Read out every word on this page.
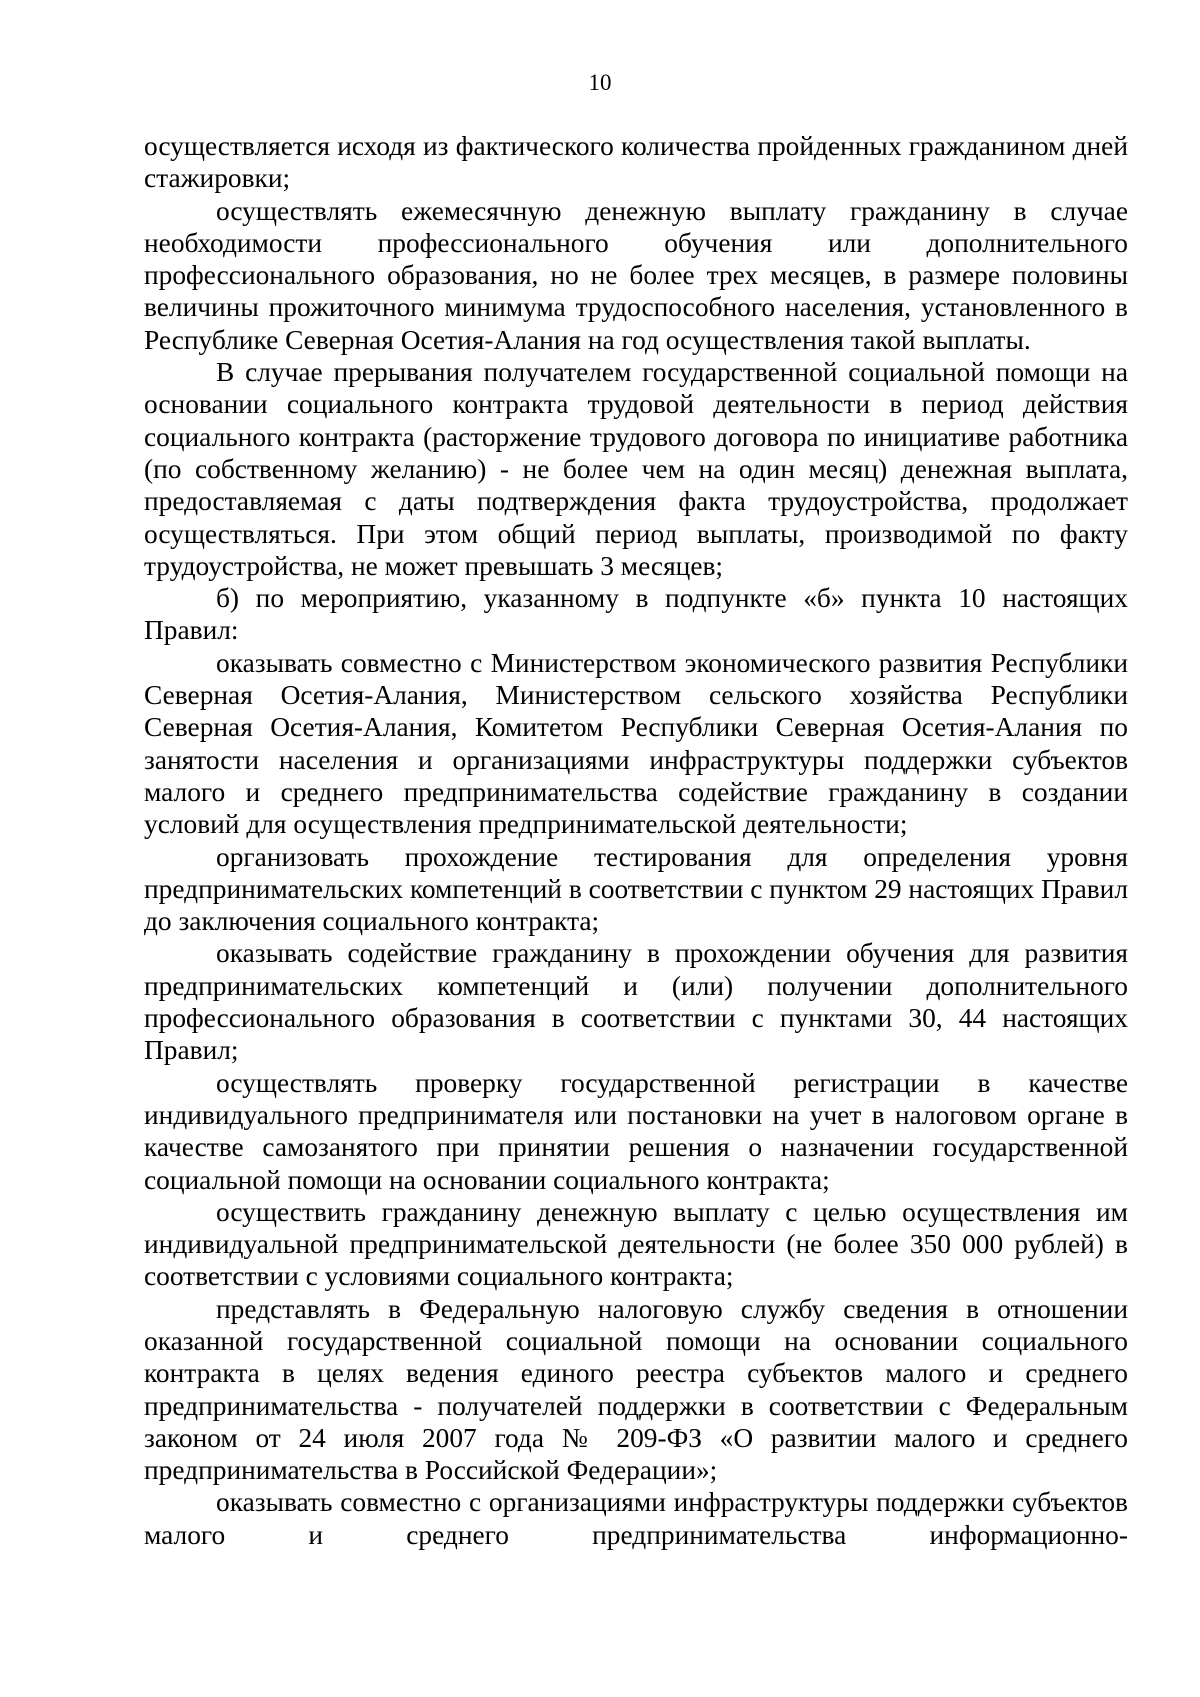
10

осуществляется исходя из фактического количества пройденных гражданином дней стажировки;

осуществлять ежемесячную денежную выплату гражданину в случае необходимости профессионального обучения или дополнительного профессионального образования, но не более трех месяцев, в размере половины величины прожиточного минимума трудоспособного населения, установленного в Республике Северная Осетия-Алания на год осуществления такой выплаты.

В случае прерывания получателем государственной социальной помощи на основании социального контракта трудовой деятельности в период действия социального контракта (расторжение трудового договора по инициативе работника (по собственному желанию) - не более чем на один месяц) денежная выплата, предоставляемая с даты подтверждения факта трудоустройства, продолжает осуществляться. При этом общий период выплаты, производимой по факту трудоустройства, не может превышать 3 месяцев;

б) по мероприятию, указанному в подпункте «б» пункта 10 настоящих Правил:

оказывать совместно с Министерством экономического развития Республики Северная Осетия-Алания, Министерством сельского хозяйства Республики Северная Осетия-Алания, Комитетом Республики Северная Осетия-Алания по занятости населения и организациями инфраструктуры поддержки субъектов малого и среднего предпринимательства содействие гражданину в создании условий для осуществления предпринимательской деятельности;

организовать прохождение тестирования для определения уровня предпринимательских компетенций в соответствии с пунктом 29 настоящих Правил до заключения социального контракта;

оказывать содействие гражданину в прохождении обучения для развития предпринимательских компетенций и (или) получении дополнительного профессионального образования в соответствии с пунктами 30, 44 настоящих Правил;

осуществлять проверку государственной регистрации в качестве индивидуального предпринимателя или постановки на учет в налоговом органе в качестве самозанятого при принятии решения о назначении государственной социальной помощи на основании социального контракта;

осуществить гражданину денежную выплату с целью осуществления им индивидуальной предпринимательской деятельности (не более 350 000 рублей) в соответствии с условиями социального контракта;

представлять в Федеральную налоговую службу сведения в отношении оказанной государственной социальной помощи на основании социального контракта в целях ведения единого реестра субъектов малого и среднего предпринимательства - получателей поддержки в соответствии с Федеральным законом от 24 июля 2007 года № 209-ФЗ «О развитии малого и среднего предпринимательства в Российской Федерации»;

оказывать совместно с организациями инфраструктуры поддержки субъектов малого и среднего предпринимательства информационно-
